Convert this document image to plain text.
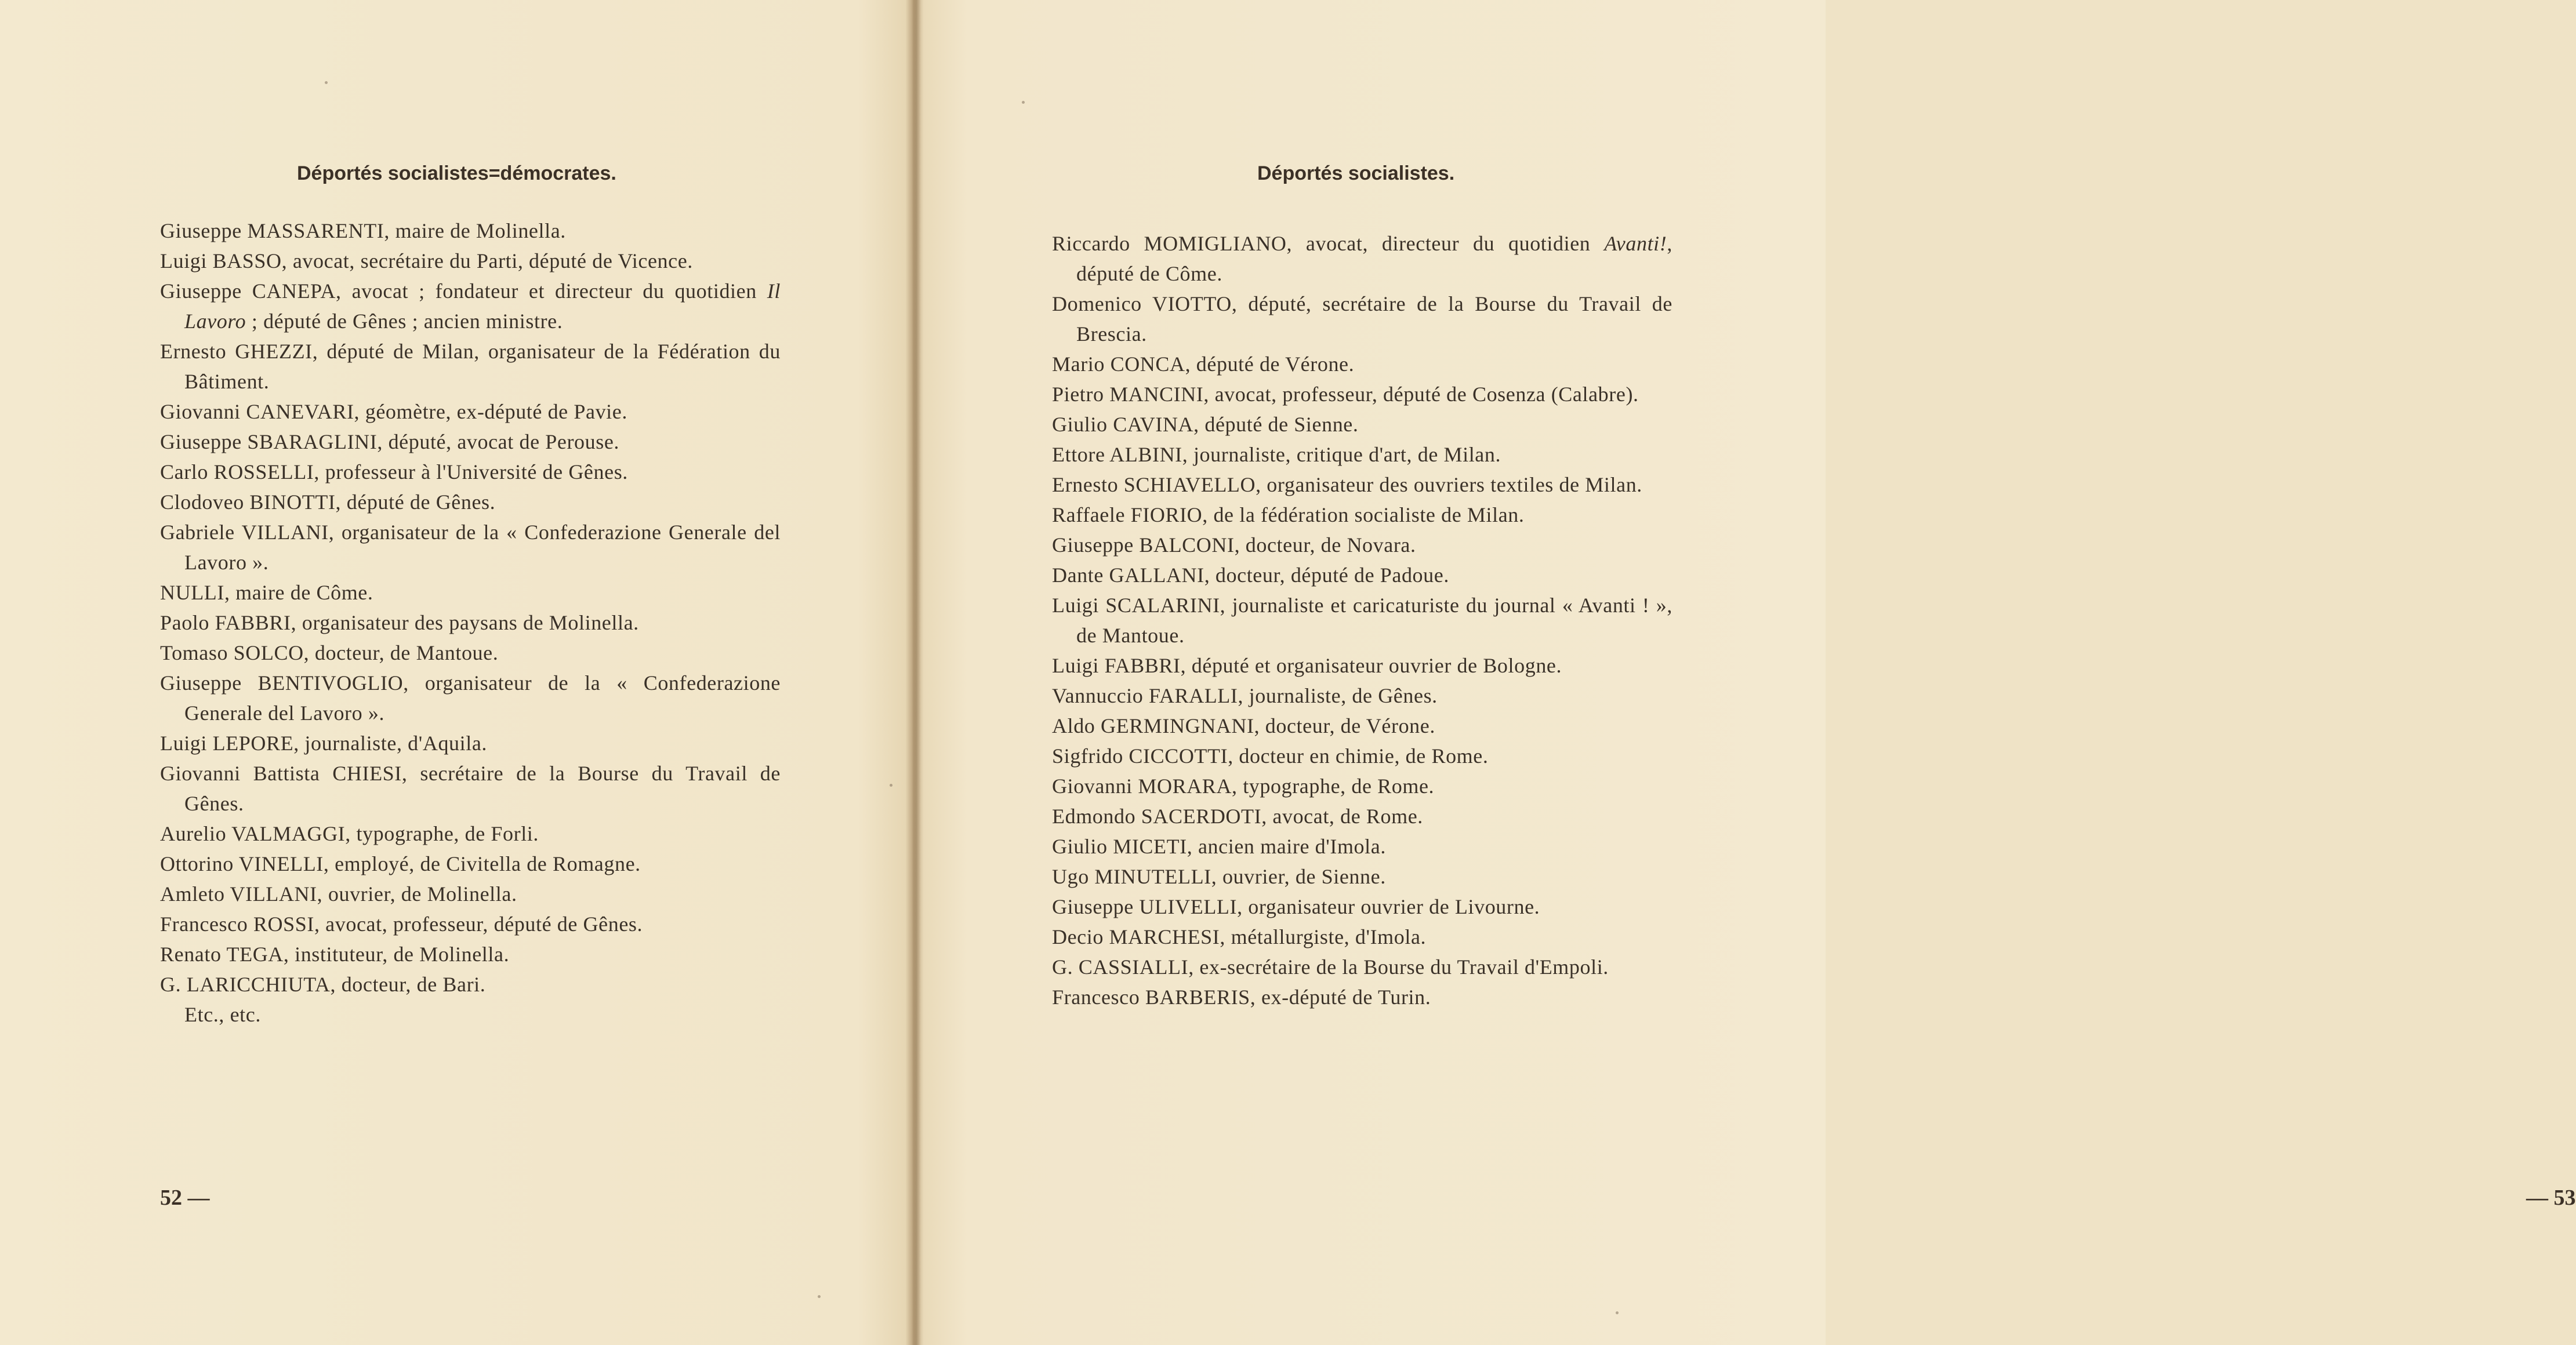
Déportés socialistes=démocrates.
Giuseppe MASSARENTI, maire de Molinella.
Luigi BASSO, avocat, secrétaire du Parti, député de Vicence.
Giuseppe CANEPA, avocat ; fondateur et directeur du quotidien Il Lavoro ; député de Gênes ; ancien ministre.
Ernesto GHEZZI, député de Milan, organisateur de la Fédération du Bâtiment.
Giovanni CANEVARI, géomètre, ex-député de Pavie.
Giuseppe SBARAGLINI, député, avocat de Perouse.
Carlo ROSSELLI, professeur à l'Université de Gênes.
Clodoveo BINOTTI, député de Gênes.
Gabriele VILLANI, organisateur de la « Confederazione Generale del Lavoro ».
NULLI, maire de Côme.
Paolo FABBRI, organisateur des paysans de Molinella.
Tomaso SOLCO, docteur, de Mantoue.
Giuseppe BENTIVOGLIO, organisateur de la « Confederazione Generale del Lavoro ».
Luigi LEPORE, journaliste, d'Aquila.
Giovanni Battista CHIESI, secrétaire de la Bourse du Travail de Gênes.
Aurelio VALMAGGI, typographe, de Forli.
Ottorino VINELLI, employé, de Civitella de Romagne.
Amleto VILLANI, ouvrier, de Molinella.
Francesco ROSSI, avocat, professeur, député de Gênes.
Renato TEGA, instituteur, de Molinella.
G. LARICCHIUTA, docteur, de Bari.
Etc., etc.
52 —
Déportés socialistes.
Riccardo MOMIGLIANO, avocat, directeur du quotidien Avanti!, député de Côme.
Domenico VIOTTO, député, secrétaire de la Bourse du Travail de Brescia.
Mario CONCA, député de Vérone.
Pietro MANCINI, avocat, professeur, député de Cosenza (Calabre).
Giulio CAVINA, député de Sienne.
Ettore ALBINI, journaliste, critique d'art, de Milan.
Ernesto SCHIAVELLO, organisateur des ouvriers textiles de Milan.
Raffaele FIORIO, de la fédération socialiste de Milan.
Giuseppe BALCONI, docteur, de Novara.
Dante GALLANI, docteur, député de Padoue.
Luigi SCALARINI, journaliste et caricaturiste du journal « Avanti ! », de Mantoue.
Luigi FABBRI, député et organisateur ouvrier de Bologne.
Vannuccio FARALLI, journaliste, de Gênes.
Aldo GERMINGNANI, docteur, de Vérone.
Sigfrido CICCOTTI, docteur en chimie, de Rome.
Giovanni MORARA, typographe, de Rome.
Edmondo SACERDOTI, avocat, de Rome.
Giulio MICETI, ancien maire d'Imola.
Ugo MINUTELLI, ouvrier, de Sienne.
Giuseppe ULIVELLI, organisateur ouvrier de Livourne.
Decio MARCHESI, métallurgiste, d'Imola.
G. CASSIALLI, ex-secrétaire de la Bourse du Travail d'Empoli.
Francesco BARBERIS, ex-député de Turin.
— 53
